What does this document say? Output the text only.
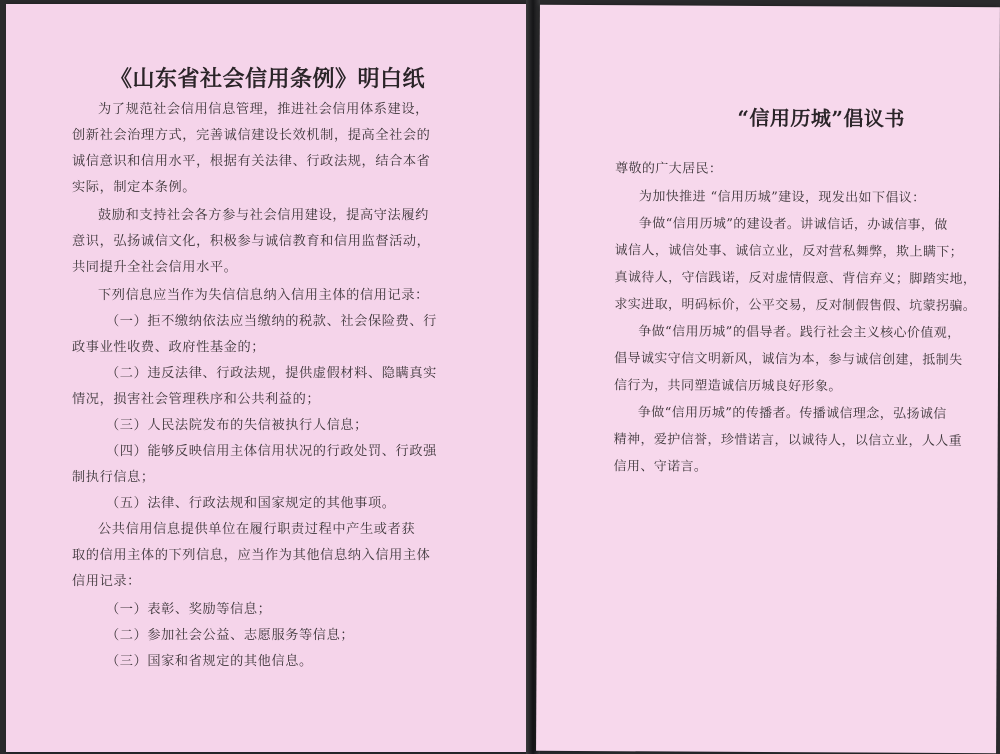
《山东省社会信用条例》明白纸
为了规范社会信用信息管理，推进社会信用体系建设，
创新社会治理方式，完善诚信建设长效机制，提高全社会的
诚信意识和信用水平，根据有关法律、行政法规，结合本省
实际，制定本条例。
鼓励和支持社会各方参与社会信用建设，提高守法履约
意识，弘扬诚信文化，积极参与诚信教育和信用监督活动，
共同提升全社会信用水平。
下列信息应当作为失信信息纳入信用主体的信用记录：
（一）拒不缴纳依法应当缴纳的税款、社会保险费、行
政事业性收费、政府性基金的；
（二）违反法律、行政法规，提供虚假材料、隐瞒真实
情况，损害社会管理秩序和公共利益的；
（三）人民法院发布的失信被执行人信息；
（四）能够反映信用主体信用状况的行政处罚、行政强
制执行信息；
（五）法律、行政法规和国家规定的其他事项。
公共信用信息提供单位在履行职责过程中产生或者获
取的信用主体的下列信息，应当作为其他信息纳入信用主体
信用记录：
（一）表彰、奖励等信息；
（二）参加社会公益、志愿服务等信息；
（三）国家和省规定的其他信息。
“信用历城”倡议书
尊敬的广大居民：
为加快推进 “信用历城”建设，现发出如下倡议：
争做“信用历城”的建设者。讲诚信话，办诚信事，做
诚信人，诚信处事、诚信立业，反对营私舞弊，欺上瞒下；
真诚待人，守信践诺，反对虚情假意、背信弃义；脚踏实地，
求实进取，明码标价，公平交易，反对制假售假、坑蒙拐骗。
争做“信用历城”的倡导者。践行社会主义核心价值观，
倡导诚实守信文明新风，诚信为本，参与诚信创建，抵制失
信行为，共同塑造诚信历城良好形象。
争做“信用历城”的传播者。传播诚信理念，弘扬诚信
精神，爱护信誉，珍惜诺言，以诚待人，以信立业，人人重
信用、守诺言。
